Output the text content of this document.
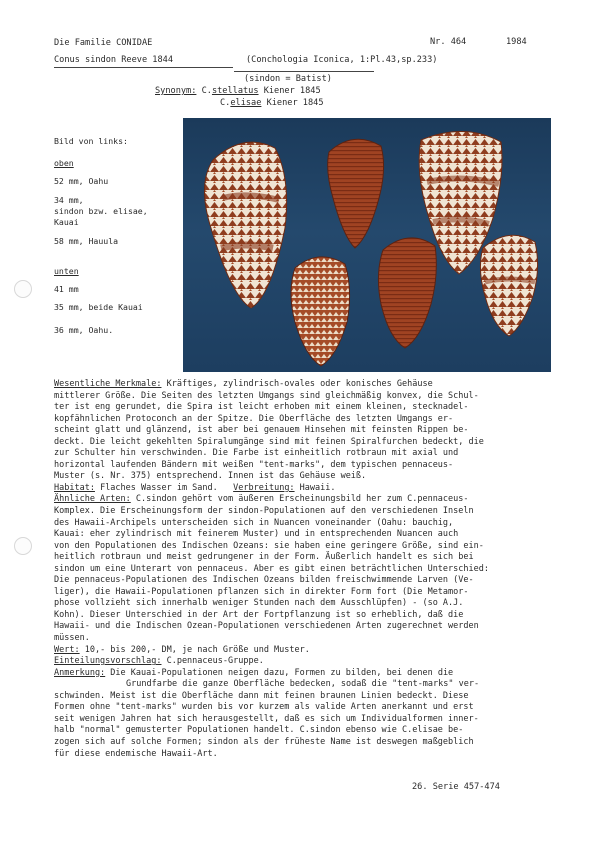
Die Familie CONIDAE	Nr. 464	1984
Conus sindon Reeve 1844	(Conchologia Iconica, 1:Pl.43,sp.233)
(sindon = Batist)
Synonym: C.stellatus Kiener 1845
C.elisae Kiener 1845
Bild von links:
oben
52 mm, Oahu
34 mm,
sindon bzw. elisae,
Kauai
58 mm, Hauula
unten
41 mm
35 mm, beide Kauai
36 mm, Oahu.
Wesentliche Merkmale: Kräftiges, zylindrisch-ovales oder konisches Gehäuse
mittlerer Größe. Die Seiten des letzten Umgangs sind gleichmäßig konvex, die Schul-
ter ist eng gerundet, die Spira ist leicht erhoben mit einem kleinen, stecknadel-
kopfähnlichen Protoconch an der Spitze. Die Oberfläche des letzten Umgangs er-
scheint glatt und glänzend, ist aber bei genauem Hinsehen mit feinsten Rippen be-
deckt. Die leicht gekehlten Spiralumgänge sind mit feinen Spiralfurchen bedeckt, die
zur Schulter hin verschwinden. Die Farbe ist einheitlich rotbraun mit axial und
horizontal laufenden Bändern mit weißen "tent-marks", dem typischen pennaceus-
Muster (s. Nr. 375) entsprechend. Innen ist das Gehäuse weiß.
Habitat: Flaches Wasser im Sand. Verbreitung: Hawaii.
Ähnliche Arten: C.sindon gehört vom äußeren Erscheinungsbild her zum C.pennaceus-
Komplex. Die Erscheinungsform der sindon-Populationen auf den verschiedenen Inseln
des Hawaii-Archipels unterscheiden sich in Nuancen voneinander (Oahu: bauchig,
Kauai: eher zylindrisch mit feinerem Muster) und in entsprechenden Nuancen auch
von den Populationen des Indischen Ozeans: sie haben eine geringere Größe, sind ein-
heitlich rotbraun und meist gedrungener in der Form. Äußerlich handelt es sich bei
sindon um eine Unterart von pennaceus. Aber es gibt einen beträchtlichen Unterschied:
Die pennaceus-Populationen des Indischen Ozeans bilden freischwimmende Larven (Ve-
liger), die Hawaii-Populationen pflanzen sich in direkter Form fort (Die Metamor-
phose vollzieht sich innerhalb weniger Stunden nach dem Ausschlüpfen) - (so A.J.
Kohn). Dieser Unterschied in der Art der Fortpflanzung ist so erheblich, daß die
Hawaii- und die Indischen Ozean-Populationen verschiedenen Arten zugerechnet werden
müssen.
Wert: 10,- bis 200,- DM, je nach Größe und Muster.
Einteilungsvorschlag: C.pennaceus-Gruppe.
Anmerkung: Die Kauai-Populationen neigen dazu, Formen zu bilden, bei denen die
Grundfarbe die ganze Oberfläche bedecken, sodaß die "tent-marks" ver-
schwinden. Meist ist die Oberfläche dann mit feinen braunen Linien bedeckt. Diese
Formen ohne "tent-marks" wurden bis vor kurzem als valide Arten anerkannt und erst
seit wenigen Jahren hat sich herausgestellt, daß es sich um Individualformen inner-
halb "normal" gemusterter Populationen handelt. C.sindon ebenso wie C.elisae be-
zogen sich auf solche Formen; sindon als der früheste Name ist deswegen maßgeblich
für diese endemische Hawaii-Art.
26. Serie 457-474
